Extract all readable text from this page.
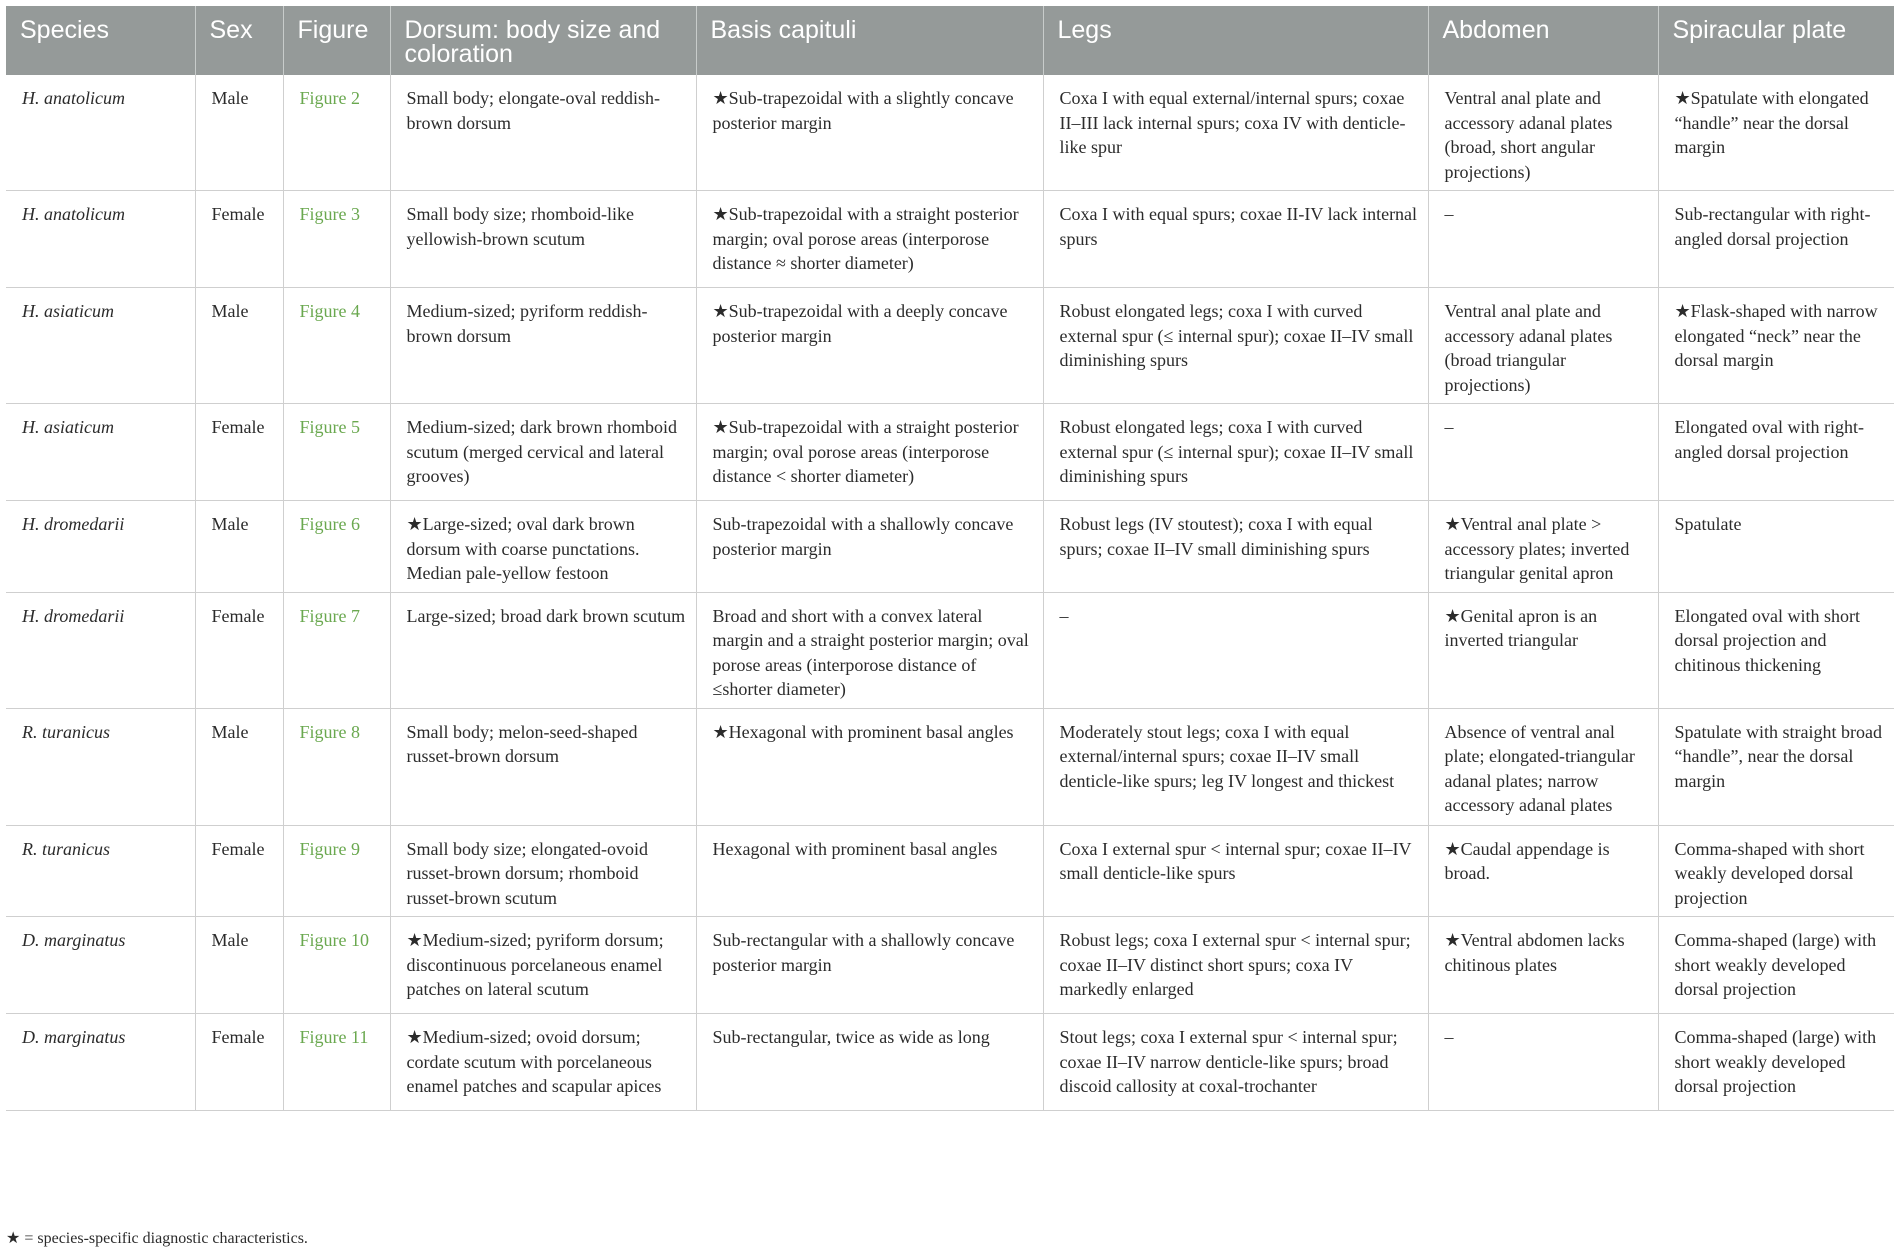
Species	Sex	Figure	Dorsum: body size and coloration	Basis capituli	Legs	Abdomen	Spiracular plate
H. anatolicum	Male	Figure 2	Small body; elongate-oval reddish-brown dorsum	★Sub-trapezoidal with a slightly concave posterior margin	Coxa I with equal external/internal spurs; coxae II–III lack internal spurs; coxa IV with denticle-like spur	Ventral anal plate and accessory adanal plates (broad, short angular projections)	★Spatulate with elongated “handle” near the dorsal margin
H. anatolicum	Female	Figure 3	Small body size; rhomboid-like yellowish-brown scutum	★Sub-trapezoidal with a straight posterior margin; oval porose areas (interporose distance ≈ shorter diameter)	Coxa I with equal spurs; coxae II-IV lack internal spurs	–	Sub-rectangular with right-angled dorsal projection
H. asiaticum	Male	Figure 4	Medium-sized; pyriform reddish-brown dorsum	★Sub-trapezoidal with a deeply concave posterior margin	Robust elongated legs; coxa I with curved external spur (≤ internal spur); coxae II–IV small diminishing spurs	Ventral anal plate and accessory adanal plates (broad triangular projections)	★Flask-shaped with narrow elongated “neck” near the dorsal margin
H. asiaticum	Female	Figure 5	Medium-sized; dark brown rhomboid scutum (merged cervical and lateral grooves)	★Sub-trapezoidal with a straight posterior margin; oval porose areas (interporose distance < shorter diameter)	Robust elongated legs; coxa I with curved external spur (≤ internal spur); coxae II–IV small diminishing spurs	–	Elongated oval with right-angled dorsal projection
H. dromedarii	Male	Figure 6	★Large-sized; oval dark brown dorsum with coarse punctations. Median pale-yellow festoon	Sub-trapezoidal with a shallowly concave posterior margin	Robust legs (IV stoutest); coxa I with equal spurs; coxae II–IV small diminishing spurs	★Ventral anal plate > accessory plates; inverted triangular genital apron	Spatulate
H. dromedarii	Female	Figure 7	Large-sized; broad dark brown scutum	Broad and short with a convex lateral margin and a straight posterior margin; oval porose areas (interporose distance of ≤shorter diameter)	–	★Genital apron is an inverted triangular	Elongated oval with short dorsal projection and chitinous thickening
R. turanicus	Male	Figure 8	Small body; melon-seed-shaped russet-brown dorsum	★Hexagonal with prominent basal angles	Moderately stout legs; coxa I with equal external/internal spurs; coxae II–IV small denticle-like spurs; leg IV longest and thickest	Absence of ventral anal plate; elongated-triangular adanal plates; narrow accessory adanal plates	Spatulate with straight broad “handle”, near the dorsal margin
R. turanicus	Female	Figure 9	Small body size; elongated-ovoid russet-brown dorsum; rhomboid russet-brown scutum	Hexagonal with prominent basal angles	Coxa I external spur < internal spur; coxae II–IV small denticle-like spurs	★Caudal appendage is broad.	Comma-shaped with short weakly developed dorsal projection
D. marginatus	Male	Figure 10	★Medium-sized; pyriform dorsum; discontinuous porcelaneous enamel patches on lateral scutum	Sub-rectangular with a shallowly concave posterior margin	Robust legs; coxa I external spur < internal spur; coxae II–IV distinct short spurs; coxa IV markedly enlarged	★Ventral abdomen lacks chitinous plates	Comma-shaped (large) with short weakly developed dorsal projection
D. marginatus	Female	Figure 11	★Medium-sized; ovoid dorsum; cordate scutum with porcelaneous enamel patches and scapular apices	Sub-rectangular, twice as wide as long	Stout legs; coxa I external spur < internal spur; coxae II–IV narrow denticle-like spurs; broad discoid callosity at coxal-trochanter	–	Comma-shaped (large) with short weakly developed dorsal projection
★ = species-specific diagnostic characteristics.
